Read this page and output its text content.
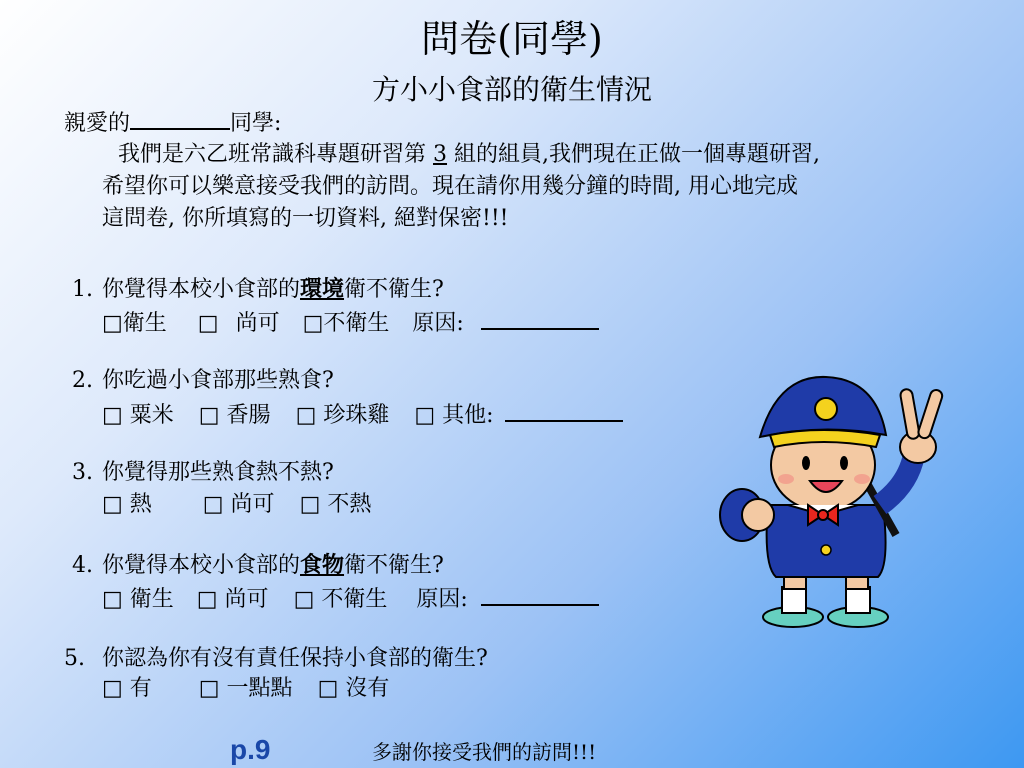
問卷(同學)
方小小食部的衛生情況
親愛的	同學:
我們是六乙班常識科專題研習第 3 組的組員,我們現在正做一個專題研習,
希望你可以樂意接受我們的訪問。現在請你用幾分鐘的時間, 用心地完成
這問卷, 你所填寫的一切資料, 絕對保密!!!
1. 你覺得本校小食部的環境衛不衛生?
□衛生 □ 尚可 □不衛生 原因:
2. 你吃過小食部那些熟食?
□ 粟米 □ 香腸 □ 珍珠雞 □ 其他:
3. 你覺得那些熟食熱不熱?
□ 熱 □ 尚可 □ 不熱
4. 你覺得本校小食部的食物衛不衛生?
□ 衛生 □ 尚可 □ 不衛生 原因:
5. 你認為你有沒有責任保持小食部的衛生?
□ 有 □ 一點點 □ 沒有
p.9	多謝你接受我們的訪問!!!
